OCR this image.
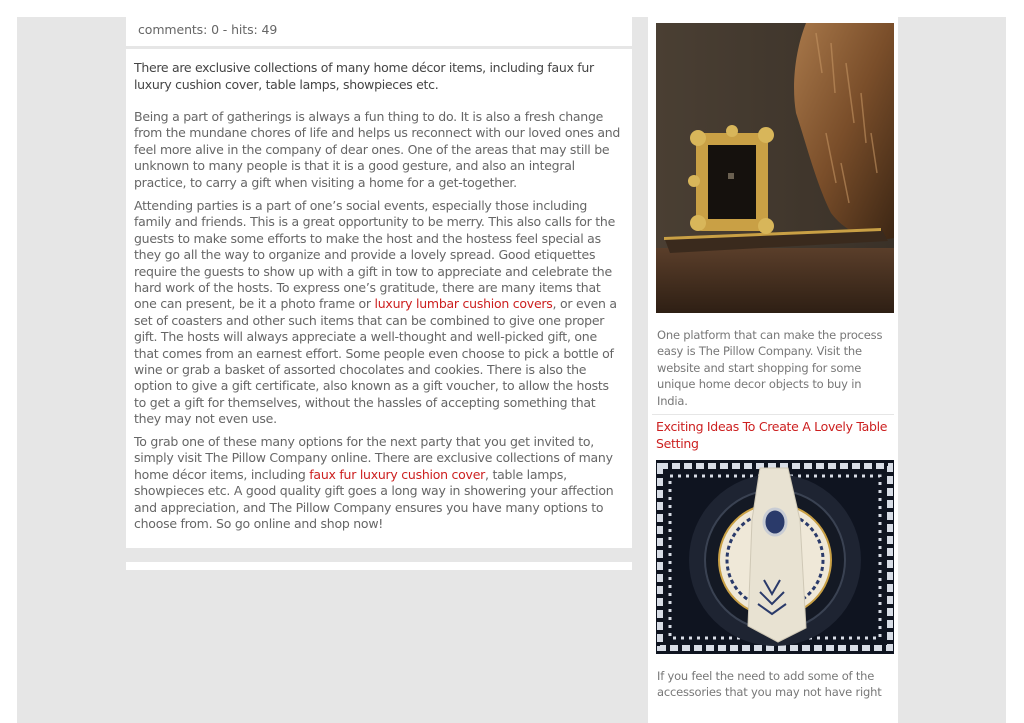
comments: 0 - hits: 49

There are exclusive collections of many home décor items, including faux fur luxury cushion cover, table lamps, showpieces etc.

Being a part of gatherings is always a fun thing to do. It is also a fresh change from the mundane chores of life and helps us reconnect with our loved ones and feel more alive in the company of dear ones. One of the areas that may still be unknown to many people is that it is a good gesture, and also an integral practice, to carry a gift when visiting a home for a get-together.

Attending parties is a part of one’s social events, especially those including family and friends. This is a great opportunity to be merry. This also calls for the guests to make some efforts to make the host and the hostess feel special as they go all the way to organize and provide a lovely spread. Good etiquettes require the guests to show up with a gift in tow to appreciate and celebrate the hard work of the hosts. To express one’s gratitude, there are many items that one can present, be it a photo frame or luxury lumbar cushion covers, or even a set of coasters and other such items that can be combined to give one proper gift. The hosts will always appreciate a well-thought and well-picked gift, one that comes from an earnest effort. Some people even choose to pick a bottle of wine or grab a basket of assorted chocolates and cookies. There is also the option to give a gift certificate, also known as a gift voucher, to allow the hosts to get a gift for themselves, without the hassles of accepting something that they may not even use.

To grab one of these many options for the next party that you get invited to, simply visit The Pillow Company online. There are exclusive collections of many home décor items, including faux fur luxury cushion cover, table lamps, showpieces etc. A good quality gift goes a long way in showering your affection and appreciation, and The Pillow Company ensures you have many options to choose from. So go online and shop now!

One platform that can make the process easy is The Pillow Company. Visit the website and start shopping for some unique home decor objects to buy in India.

Exciting Ideas To Create A Lovely Table Setting

If you feel the need to add some of the accessories that you may not have right
